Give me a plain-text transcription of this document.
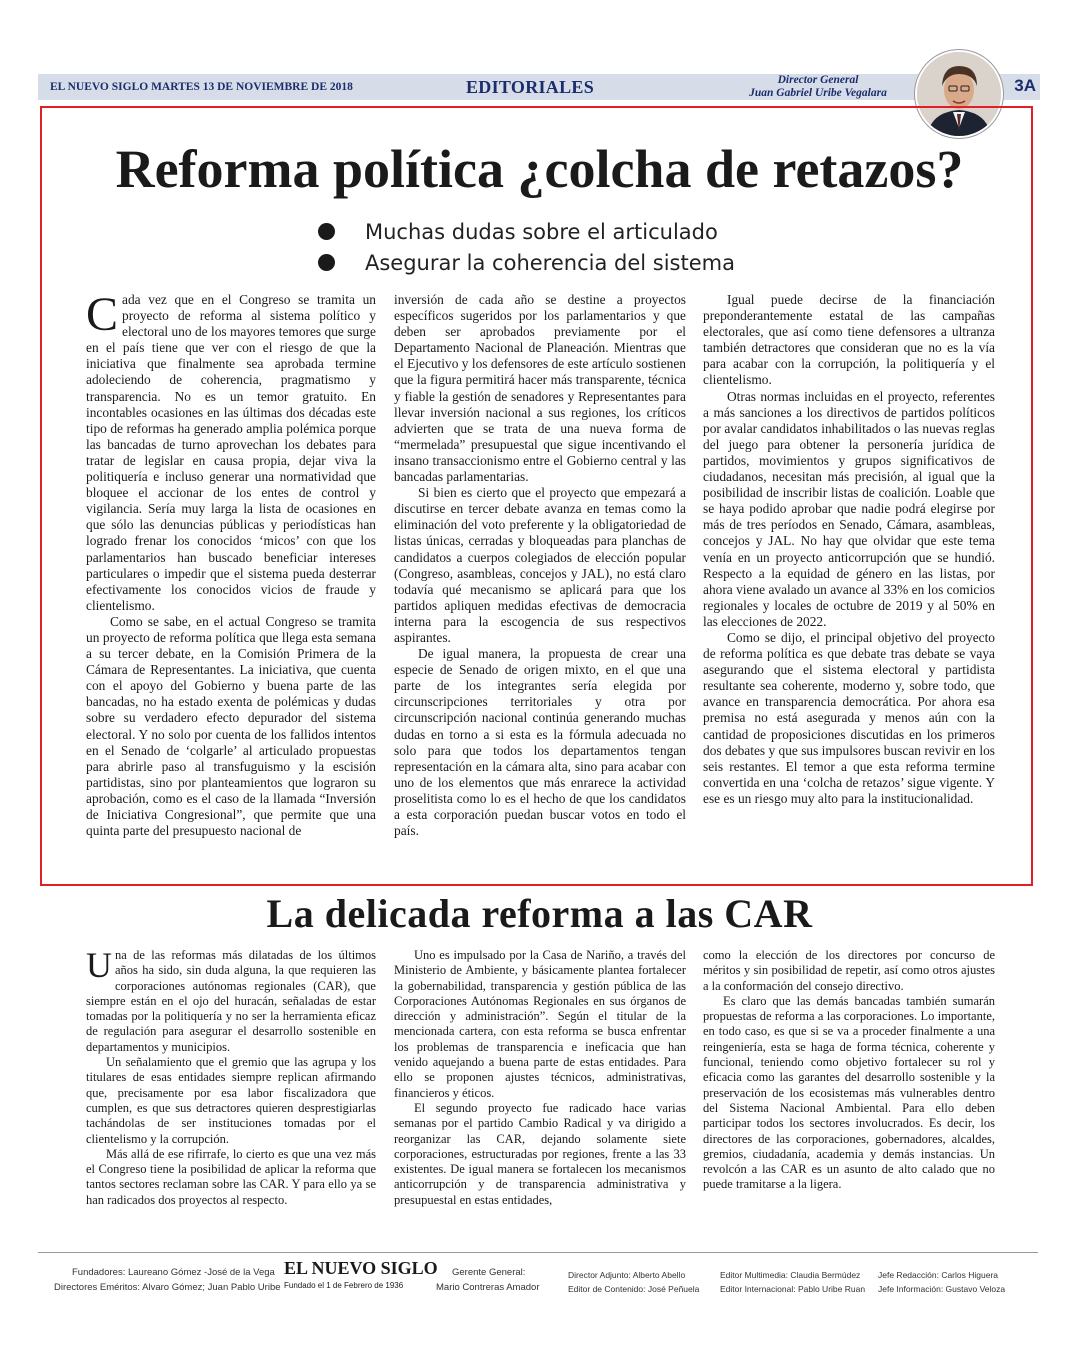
EL NUEVO SIGLO MARTES 13 DE NOVIEMBRE DE 2018	EDITORIALES	Director General
Juan Gabriel Uribe Vegalara	3A
Reforma política ¿colcha de retazos?
Muchas dudas sobre el articulado
Asegurar la coherencia del sistema

Cada vez que en el Congreso se tramita un proyecto de reforma al sistema político y electoral uno de los mayores temores que surge en el país tiene que ver con el riesgo de que la iniciativa que finalmente sea aprobada termine adoleciendo de coherencia, pragmatismo y transparencia. No es un temor gratuito. En incontables ocasiones en las últimas dos décadas este tipo de reformas ha generado amplia polémica porque las bancadas de turno aprovechan los debates para tratar de legislar en causa propia, dejar viva la politiquería e incluso generar una normatividad que bloquee el accionar de los entes de control y vigilancia. Sería muy larga la lista de ocasiones en que sólo las denuncias públicas y periodísticas han logrado frenar los conocidos ‘micos’ con que los parlamentarios han buscado beneficiar intereses particulares o impedir que el sistema pueda desterrar efectivamente los conocidos vicios de fraude y clientelismo.

Como se sabe, en el actual Congreso se tramita un proyecto de reforma política que llega esta semana a su tercer debate, en la Comisión Primera de la Cámara de Representantes. La iniciativa, que cuenta con el apoyo del Gobierno y buena parte de las bancadas, no ha estado exenta de polémicas y dudas sobre su verdadero efecto depurador del sistema electoral. Y no solo por cuenta de los fallidos intentos en el Senado de ‘colgarle’ al articulado propuestas para abrirle paso al transfuguismo y la escisión partidistas, sino por planteamientos que lograron su aprobación, como es el caso de la llamada “Inversión de Iniciativa Congresional”, que permite que una quinta parte del presupuesto nacional de

inversión de cada año se destine a proyectos específicos sugeridos por los parlamentarios y que deben ser aprobados previamente por el Departamento Nacional de Planeación. Mientras que el Ejecutivo y los defensores de este artículo sostienen que la figura permitirá hacer más transparente, técnica y fiable la gestión de senadores y Representantes para llevar inversión nacional a sus regiones, los críticos advierten que se trata de una nueva forma de “mermelada” presupuestal que sigue incentivando el insano transaccionismo entre el Gobierno central y las bancadas parlamentarias.

Si bien es cierto que el proyecto que empezará a discutirse en tercer debate avanza en temas como la eliminación del voto preferente y la obligatoriedad de listas únicas, cerradas y bloqueadas para planchas de candidatos a cuerpos colegiados de elección popular (Congreso, asambleas, concejos y JAL), no está claro todavía qué mecanismo se aplicará para que los partidos apliquen medidas efectivas de democracia interna para la escogencia de sus respectivos aspirantes.

De igual manera, la propuesta de crear una especie de Senado de origen mixto, en el que una parte de los integrantes sería elegida por circunscripciones territoriales y otra por circunscripción nacional continúa generando muchas dudas en torno a si esta es la fórmula adecuada no solo para que todos los departamentos tengan representación en la cámara alta, sino para acabar con uno de los elementos que más enrarece la actividad proselitista como lo es el hecho de que los candidatos a esta corporación puedan buscar votos en todo el país.

Igual puede decirse de la financiación preponderantemente estatal de las campañas electorales, que así como tiene defensores a ultranza también detractores que consideran que no es la vía para acabar con la corrupción, la politiquería y el clientelismo.

Otras normas incluidas en el proyecto, referentes a más sanciones a los directivos de partidos políticos por avalar candidatos inhabilitados o las nuevas reglas del juego para obtener la personería jurídica de partidos, movimientos y grupos significativos de ciudadanos, necesitan más precisión, al igual que la posibilidad de inscribir listas de coalición. Loable que se haya podido aprobar que nadie podrá elegirse por más de tres períodos en Senado, Cámara, asambleas, concejos y JAL. No hay que olvidar que este tema venía en un proyecto anticorrupción que se hundió. Respecto a la equidad de género en las listas, por ahora viene avalado un avance al 33% en los comicios regionales y locales de octubre de 2019 y al 50% en las elecciones de 2022.

Como se dijo, el principal objetivo del proyecto de reforma política es que debate tras debate se vaya asegurando que el sistema electoral y partidista resultante sea coherente, moderno y, sobre todo, que avance en transparencia democrática. Por ahora esa premisa no está asegurada y menos aún con la cantidad de proposiciones discutidas en los primeros dos debates y que sus impulsores buscan revivir en los seis restantes. El temor a que esta reforma termine convertida en una ‘colcha de retazos’ sigue vigente. Y ese es un riesgo muy alto para la institucionalidad.

La delicada reforma a las CAR

Una de las reformas más dilatadas de los últimos años ha sido, sin duda alguna, la que requieren las corporaciones autónomas regionales (CAR), que siempre están en el ojo del huracán, señaladas de estar tomadas por la politiquería y no ser la herramienta eficaz de regulación para asegurar el desarrollo sostenible en departamentos y municipios.

Un señalamiento que el gremio que las agrupa y los titulares de esas entidades siempre replican afirmando que, precisamente por esa labor fiscalizadora que cumplen, es que sus detractores quieren desprestigiarlas tachándolas de ser instituciones tomadas por el clientelismo y la corrupción.

Más allá de ese rifirrafe, lo cierto es que una vez más el Congreso tiene la posibilidad de aplicar la reforma que tantos sectores reclaman sobre las CAR. Y para ello ya se han radicados dos proyectos al respecto.

Uno es impulsado por la Casa de Nariño, a través del Ministerio de Ambiente, y básicamente plantea fortalecer la gobernabilidad, transparencia y gestión pública de las Corporaciones Autónomas Regionales en sus órganos de dirección y administración”. Según el titular de la mencionada cartera, con esta reforma se busca enfrentar los problemas de transparencia e ineficacia que han venido aquejando a buena parte de estas entidades. Para ello se proponen ajustes técnicos, administrativas, financieros y éticos.

El segundo proyecto fue radicado hace varias semanas por el partido Cambio Radical y va dirigido a reorganizar las CAR, dejando solamente siete corporaciones, estructuradas por regiones, frente a las 33 existentes. De igual manera se fortalecen los mecanismos anticorrupción y de transparencia administrativa y presupuestal en estas entidades,

como la elección de los directores por concurso de méritos y sin posibilidad de repetir, así como otros ajustes a la conformación del consejo directivo.

Es claro que las demás bancadas también sumarán propuestas de reforma a las corporaciones. Lo importante, en todo caso, es que si se va a proceder finalmente a una reingeniería, esta se haga de forma técnica, coherente y funcional, teniendo como objetivo fortalecer su rol y eficacia como las garantes del desarrollo sostenible y la preservación de los ecosistemas más vulnerables dentro del Sistema Nacional Ambiental. Para ello deben participar todos los sectores involucrados. Es decir, los directores de las corporaciones, gobernadores, alcaldes, gremios, ciudadanía, academia y demás instancias. Un revolcón a las CAR es un asunto de alto calado que no puede tramitarse a la ligera.

Fundadores: Laureano Gómez -José de la Vega
Directores Eméritos: Alvaro Gómez; Juan Pablo Uribe
EL NUEVO SIGLO
Fundado el 1 de Febrero de 1936
Gerente General:
Mario Contreras Amador
Director Adjunto: Alberto Abello
Editor de Contenido: José Peñuela
Editor Multimedia: Claudia Bermúdez
Editor Internacional: Pablo Uribe Ruan
Jefe Redacción: Carlos Higuera
Jefe Información: Gustavo Veloza
